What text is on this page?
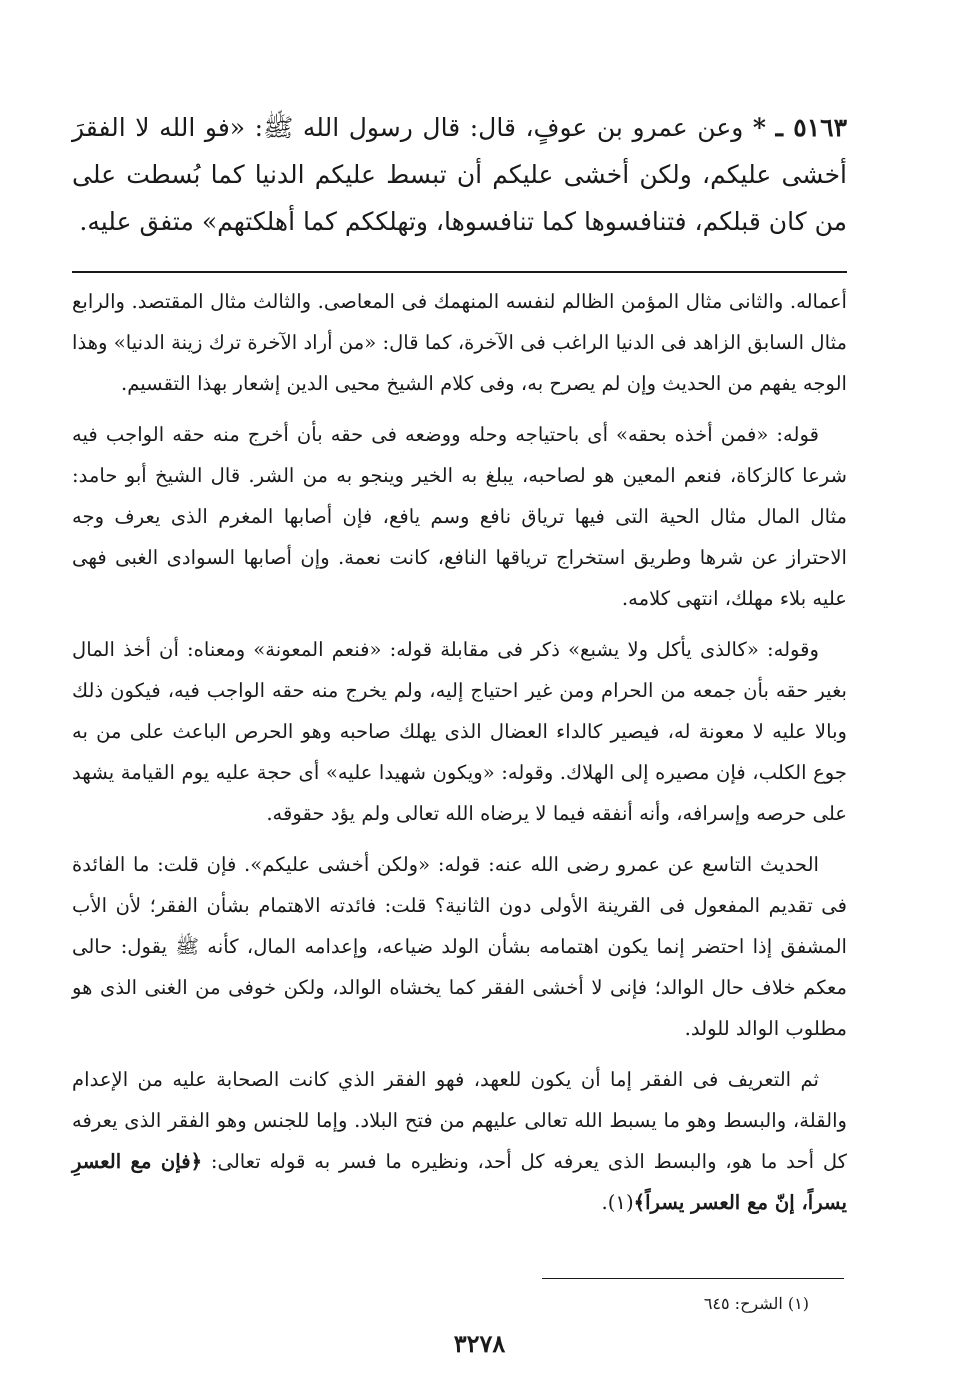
٥١٦٣ ـ * وعن عمرو بن عوفٍ، قال: قال رسول الله ﷺ: «فو الله لا الفقرَ أخشى عليكم، ولكن أخشى عليكم أن تبسط عليكم الدنيا كما بُسطت على من كان قبلكم، فتنافسوها كما تنافسوها، وتهلككم كما أهلكتهم» متفق عليه.

أعماله. والثانى مثال المؤمن الظالم لنفسه المنهمك فى المعاصى. والثالث مثال المقتصد. والرابع مثال السابق الزاهد فى الدنيا الراغب فى الآخرة، كما قال: «من أراد الآخرة ترك زينة الدنيا» وهذا الوجه يفهم من الحديث وإن لم يصرح به، وفى كلام الشيخ محيى الدين إشعار بهذا التقسيم.

قوله: «فمن أخذه بحقه» أى باحتياجه وحله ووضعه فى حقه بأن أخرج منه حقه الواجب فيه شرعا كالزكاة، فنعم المعين هو لصاحبه، يبلغ به الخير وينجو به من الشر. قال الشيخ أبو حامد: مثال المال مثال الحية التى فيها ترياق نافع وسم يافع، فإن أصابها المغرم الذى يعرف وجه الاحتراز عن شرها وطريق استخراج ترياقها النافع، كانت نعمة. وإن أصابها السوادى الغبى فهى عليه بلاء مهلك، انتهى كلامه.

وقوله: «كالذى يأكل ولا يشبع» ذكر فى مقابلة قوله: «فنعم المعونة» ومعناه: أن أخذ المال بغير حقه بأن جمعه من الحرام ومن غير احتياج إليه، ولم يخرج منه حقه الواجب فيه، فيكون ذلك وبالا عليه لا معونة له، فيصير كالداء العضال الذى يهلك صاحبه وهو الحرص الباعث على من به جوع الكلب، فإن مصيره إلى الهلاك. وقوله: «ويكون شهيدا عليه» أى حجة عليه يوم القيامة يشهد على حرصه وإسرافه، وأنه أنفقه فيما لا يرضاه الله تعالى ولم يؤد حقوقه.

الحديث التاسع عن عمرو رضى الله عنه: قوله: «ولكن أخشى عليكم». فإن قلت: ما الفائدة فى تقديم المفعول فى القرينة الأولى دون الثانية؟ قلت: فائدته الاهتمام بشأن الفقر؛ لأن الأب المشفق إذا احتضر إنما يكون اهتمامه بشأن الولد ضياعه، وإعدامه المال، كأنه ﷺ يقول: حالى معكم خلاف حال الوالد؛ فإنى لا أخشى الفقر كما يخشاه الوالد، ولكن خوفى من الغنى الذى هو مطلوب الوالد للولد.

ثم التعريف فى الفقر إما أن يكون للعهد، فهو الفقر الذي كانت الصحابة عليه من الإعدام والقلة، والبسط وهو ما يسبط الله تعالى عليهم من فتح البلاد. وإما للجنس وهو الفقر الذى يعرفه كل أحد ما هو، والبسط الذى يعرفه كل أحد، ونظيره ما فسر به قوله تعالى: ﴿فإن مع العسرِ يسراً، إنّ مع العسر يسراً﴾(١).

(١) الشرح: ٦٤٥
٣٢٧٨
